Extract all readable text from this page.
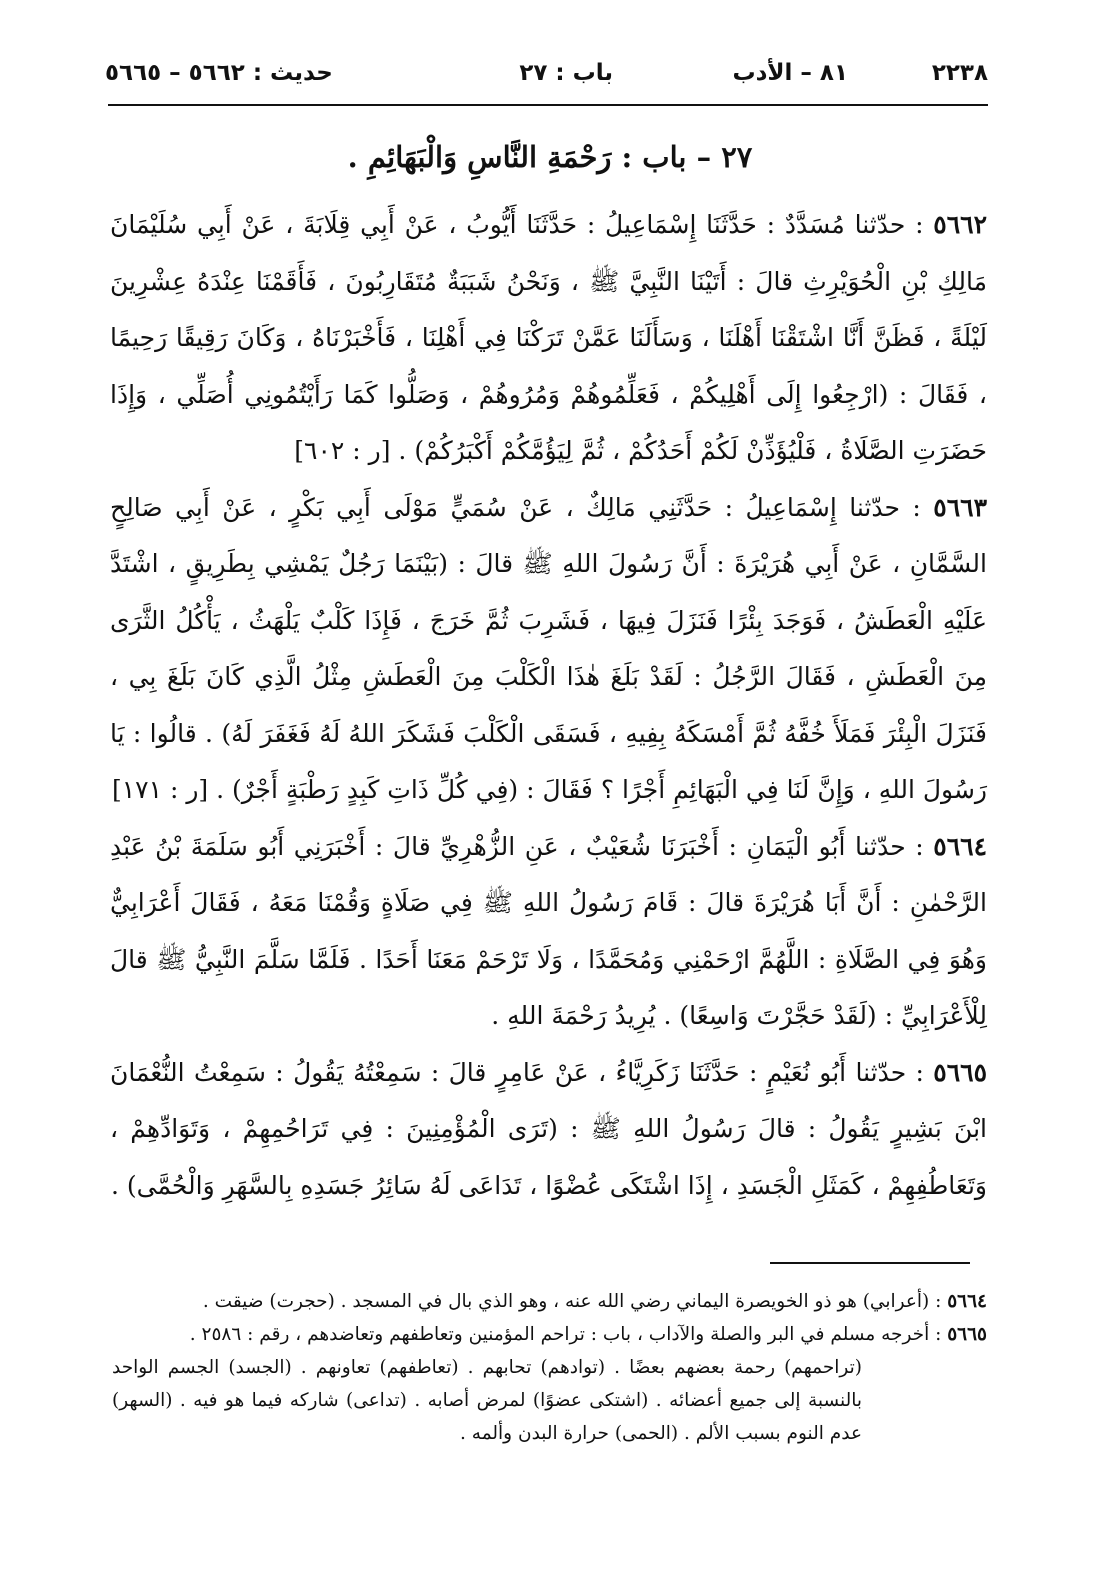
٢٢٣٨
٨١ – الأدب
باب : ٢٧
حديث : ٥٦٦٢ – ٥٦٦٥
٢٧ – باب : رَحْمَةِ النَّاسِ وَالْبَهَائِمِ .

٥٦٦٢ : حدّثنا مُسَدَّدٌ : حَدَّثَنَا إِسْمَاعِيلُ : حَدَّثَنَا أَيُّوبُ ، عَنْ أَبِي قِلَابَةَ ، عَنْ أَبِي سُلَيْمَانَ مَالِكِ بْنِ الْحُوَيْرِثِ قالَ : أَتَيْنَا النَّبِيَّ ﷺ ، وَنَحْنُ شَبَبَةٌ مُتَقَارِبُونَ ، فَأَقَمْنَا عِنْدَهُ عِشْرِينَ لَيْلَةً ، فَظَنَّ أَنَّا اشْتَقْنَا أَهْلَنَا ، وَسَأَلَنَا عَمَّنْ تَرَكْنَا فِي أَهْلِنَا ، فَأَخْبَرْنَاهُ ، وَكَانَ رَقِيقًا رَحِيمًا ، فَقَالَ : (ارْجِعُوا إِلَى أَهْلِيكُمْ ، فَعَلِّمُوهُمْ وَمُرُوهُمْ ، وَصَلُّوا كَمَا رَأَيْتُمُونِي أُصَلِّي ، وَإِذَا حَضَرَتِ الصَّلَاةُ ، فَلْيُؤَذِّنْ لَكُمْ أَحَدُكُمْ ، ثُمَّ لِيَؤُمَّكُمْ أَكْبَرُكُمْ) . [ر : ٦٠٢]

٥٦٦٣ : حدّثنا إِسْمَاعِيلُ : حَدَّثَنِي مَالِكٌ ، عَنْ سُمَيٍّ مَوْلَى أَبِي بَكْرٍ ، عَنْ أَبِي صَالِحٍ السَّمَّانِ ، عَنْ أَبِي هُرَيْرَةَ : أَنَّ رَسُولَ اللهِ ﷺ قالَ : (بَيْنَمَا رَجُلٌ يَمْشِي بِطَرِيقٍ ، اشْتَدَّ عَلَيْهِ الْعَطَشُ ، فَوَجَدَ بِئْرًا فَنَزَلَ فِيهَا ، فَشَرِبَ ثُمَّ خَرَجَ ، فَإِذَا كَلْبٌ يَلْهَثُ ، يَأْكُلُ الثَّرَى مِنَ الْعَطَشِ ، فَقَالَ الرَّجُلُ : لَقَدْ بَلَغَ هٰذَا الْكَلْبَ مِنَ الْعَطَشِ مِثْلُ الَّذِي كَانَ بَلَغَ بِي ، فَنَزَلَ الْبِئْرَ فَمَلَأَ خُفَّهُ ثُمَّ أَمْسَكَهُ بِفِيهِ ، فَسَقَى الْكَلْبَ فَشَكَرَ اللهُ لَهُ فَغَفَرَ لَهُ) . قالُوا : يَا رَسُولَ اللهِ ، وَإِنَّ لَنَا فِي الْبَهَائِمِ أَجْرًا ؟ فَقَالَ : (فِي كُلِّ ذَاتِ كَبِدٍ رَطْبَةٍ أَجْرٌ) . [ر : ١٧١]

٥٦٦٤ : حدّثنا أَبُو الْيَمَانِ : أَخْبَرَنَا شُعَيْبٌ ، عَنِ الزُّهْرِيِّ قالَ : أَخْبَرَنِي أَبُو سَلَمَةَ بْنُ عَبْدِ الرَّحْمٰنِ : أَنَّ أَبَا هُرَيْرَةَ قالَ : قَامَ رَسُولُ اللهِ ﷺ فِي صَلَاةٍ وَقُمْنَا مَعَهُ ، فَقَالَ أَعْرَابِيٌّ وَهُوَ فِي الصَّلَاةِ : اللَّهُمَّ ارْحَمْنِي وَمُحَمَّدًا ، وَلَا تَرْحَمْ مَعَنَا أَحَدًا . فَلَمَّا سَلَّمَ النَّبِيُّ ﷺ قالَ لِلْأَعْرَابِيِّ : (لَقَدْ حَجَّرْتَ وَاسِعًا) . يُرِيدُ رَحْمَةَ اللهِ .

٥٦٦٥ : حدّثنا أَبُو نُعَيْمٍ : حَدَّثَنَا زَكَرِيَّاءُ ، عَنْ عَامِرٍ قالَ : سَمِعْتُهُ يَقُولُ : سَمِعْتُ النُّعْمَانَ ابْنَ بَشِيرٍ يَقُولُ : قالَ رَسُولُ اللهِ ﷺ : (تَرَى الْمُؤْمِنِينَ : فِي تَرَاحُمِهِمْ ، وَتَوَادِّهِمْ ، وَتَعَاطُفِهِمْ ، كَمَثَلِ الْجَسَدِ ، إِذَا اشْتَكَى عُضْوًا ، تَدَاعَى لَهُ سَائِرُ جَسَدِهِ بِالسَّهَرِ وَالْحُمَّى) .

٥٦٦٤ : (أعرابي) هو ذو الخويصرة اليماني رضي الله عنه ، وهو الذي بال في المسجد . (حجرت) ضيقت .

٥٦٦٥ : أخرجه مسلم في البر والصلة والآداب ، باب : تراحم المؤمنين وتعاطفهم وتعاضدهم ، رقم : ٢٥٨٦ .

(تراحمهم) رحمة بعضهم بعضًا . (توادهم) تحابهم . (تعاطفهم) تعاونهم . (الجسد) الجسم الواحد بالنسبة إلى جميع أعضائه . (اشتكى عضوًا) لمرض أصابه . (تداعى) شاركه فيما هو فيه . (السهر) عدم النوم بسبب الألم . (الحمى) حرارة البدن وألمه .
